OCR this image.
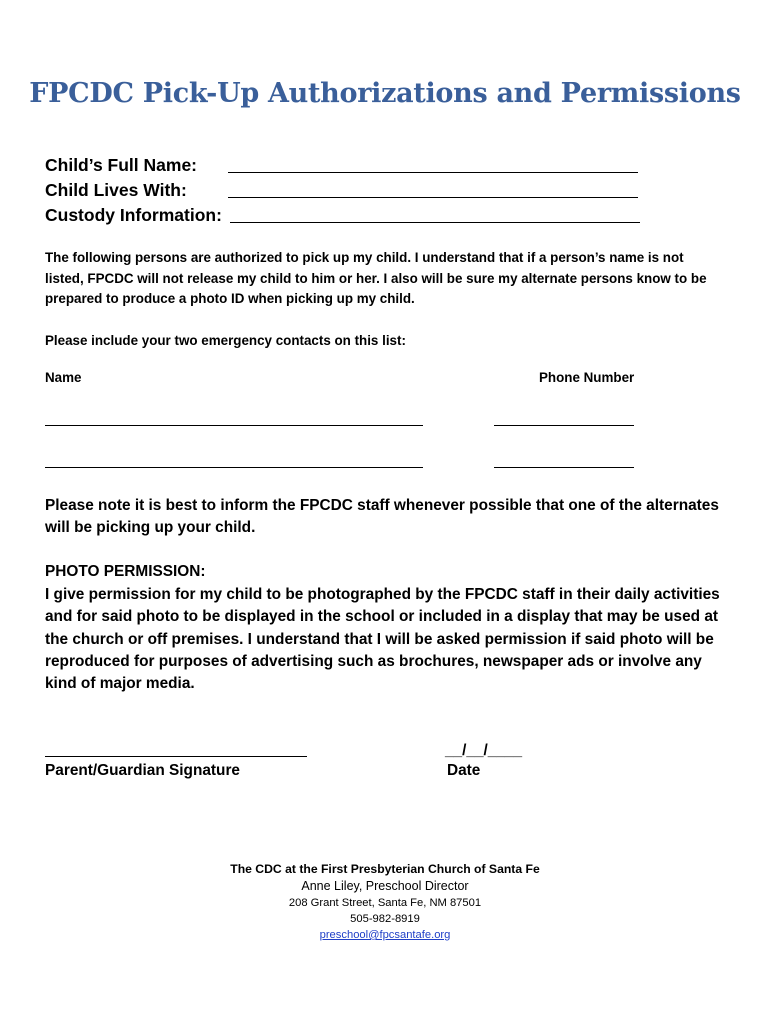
FPCDC Pick-Up Authorizations and Permissions
Child’s Full Name:
Child Lives With:
Custody Information:
The following persons are authorized to pick up my child. I understand that if a person’s name is not listed, FPCDC will not release my child to him or her. I also will be sure my alternate persons know to be prepared to produce a photo ID when picking up my child.
Please include your two emergency contacts on this list:
Name	Phone Number
Please note it is best to inform the FPCDC staff whenever possible that one of the alternates will be picking up your child.
PHOTO PERMISSION:
I give permission for my child to be photographed by the FPCDC staff in their daily activities and for said photo to be displayed in the school or included in a display that may be used at the church or off premises. I understand that I will be asked permission if said photo will be reproduced for purposes of advertising such as brochures, newspaper ads or involve any kind of major media.
Parent/Guardian Signature
__/__/____
Date
The CDC at the First Presbyterian Church of Santa Fe
Anne Liley, Preschool Director
208 Grant Street, Santa Fe, NM 87501
505-982-8919
preschool@fpcsantafe.org
